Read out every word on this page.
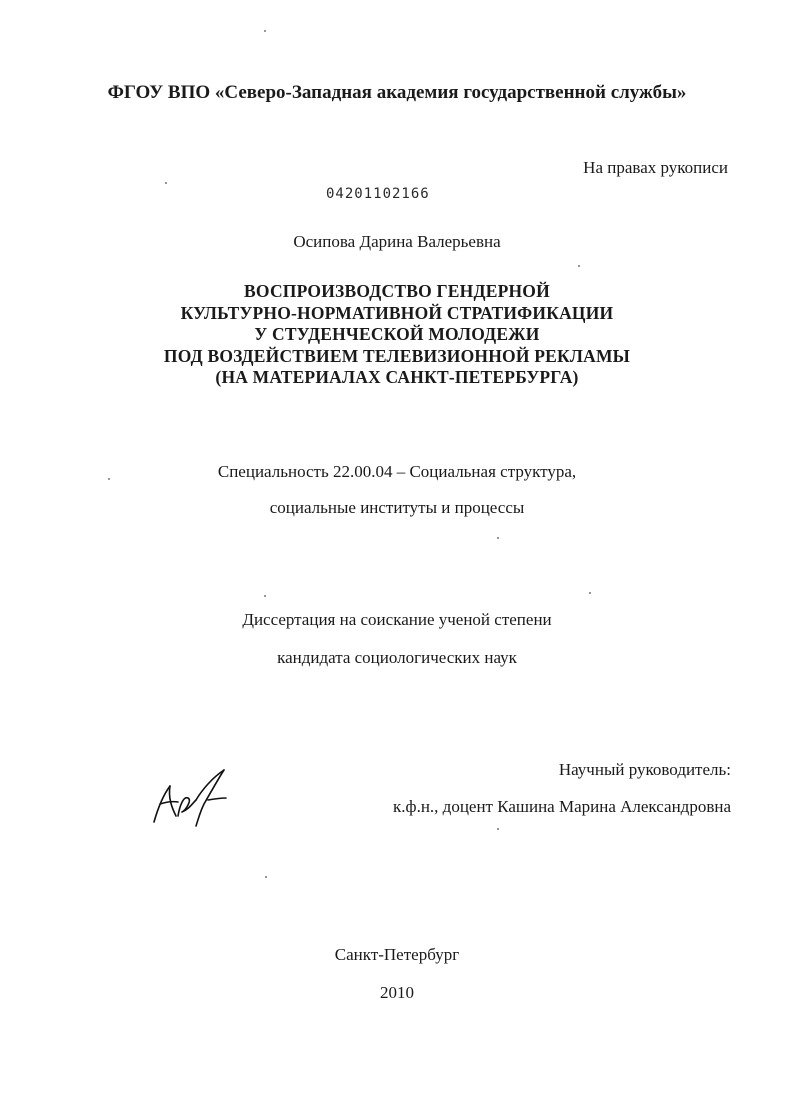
ФГОУ ВПО «Северо-Западная академия государственной службы»
На правах рукописи
04201102166
Осипова Дарина Валерьевна
ВОСПРОИЗВОДСТВО ГЕНДЕРНОЙ
КУЛЬТУРНО-НОРМАТИВНОЙ СТРАТИФИКАЦИИ
У СТУДЕНЧЕСКОЙ МОЛОДЕЖИ
ПОД ВОЗДЕЙСТВИЕМ ТЕЛЕВИЗИОННОЙ РЕКЛАМЫ
(НА МАТЕРИАЛАХ САНКТ-ПЕТЕРБУРГА)
Специальность 22.00.04 – Социальная структура,
социальные институты и процессы
Диссертация на соискание ученой степени
кандидата социологических наук
Научный руководитель:
к.ф.н., доцент Кашина Марина Александровна
Санкт-Петербург
2010
